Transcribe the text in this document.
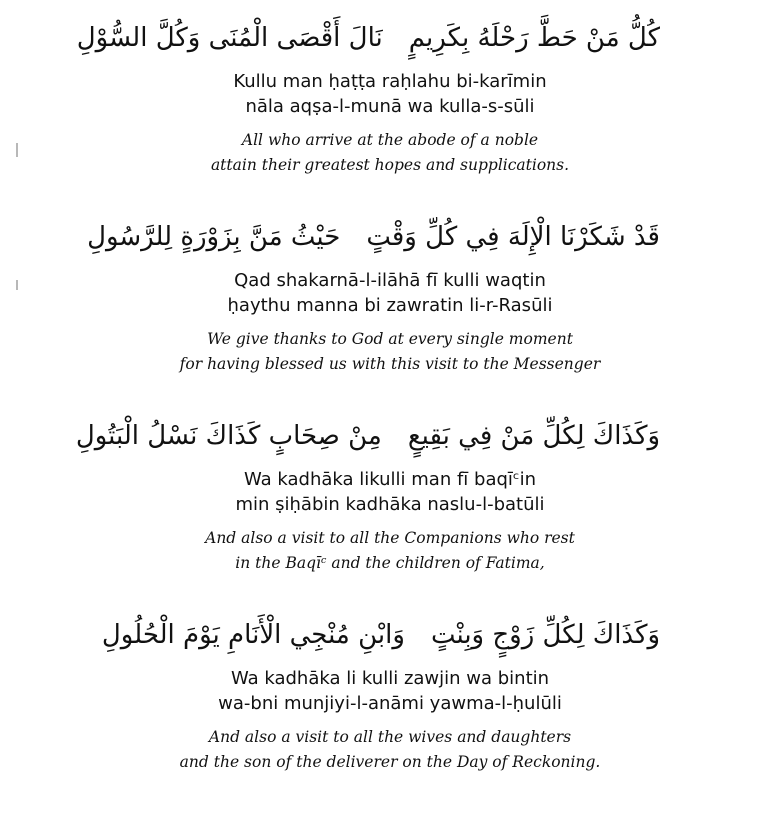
كُلُّ مَنْ حَطَّ رَحْلَهُ بِكَرِيمٍنَالَ أَقْصَى الْمُنَى وَكُلَّ السُّوْلِ
Kullu man ḥaṭṭa raḥlahu bi-karīmin
nāla aqṣa-l-munā wa kulla-s-sūli
All who arrive at the abode of a noble
attain their greatest hopes and supplications.
قَدْ شَكَرْنَا الْإِلَهَ فِي كُلِّ وَقْتٍحَيْثُ مَنَّ بِزَوْرَةٍ لِلرَّسُولِ
Qad shakarnā-l-ilāhā fī kulli waqtin
ḥaythu manna bi zawratin li-r-Rasūli
We give thanks to God at every single moment
for having blessed us with this visit to the Messenger
وَكَذَاكَ لِكُلِّ مَنْ فِي بَقِيعٍمِنْ صِحَابٍ كَذَاكَ نَسْلُ الْبَتُولِ
Wa kadhāka likulli man fī baqīᶜin
min ṣiḥābin kadhāka naslu-l-batūli
And also a visit to all the Companions who rest
in the Baqīᶜ and the children of Fatima,
وَكَذَاكَ لِكُلِّ زَوْجٍ وَبِنْتٍوَابْنِ مُنْجِي الْأَنَامِ يَوْمَ الْحُلُولِ
Wa kadhāka li kulli zawjin wa bintin
wa-bni munjiyi-l-anāmi yawma-l-ḥulūli
And also a visit to all the wives and daughters
and the son of the deliverer on the Day of Reckoning.
